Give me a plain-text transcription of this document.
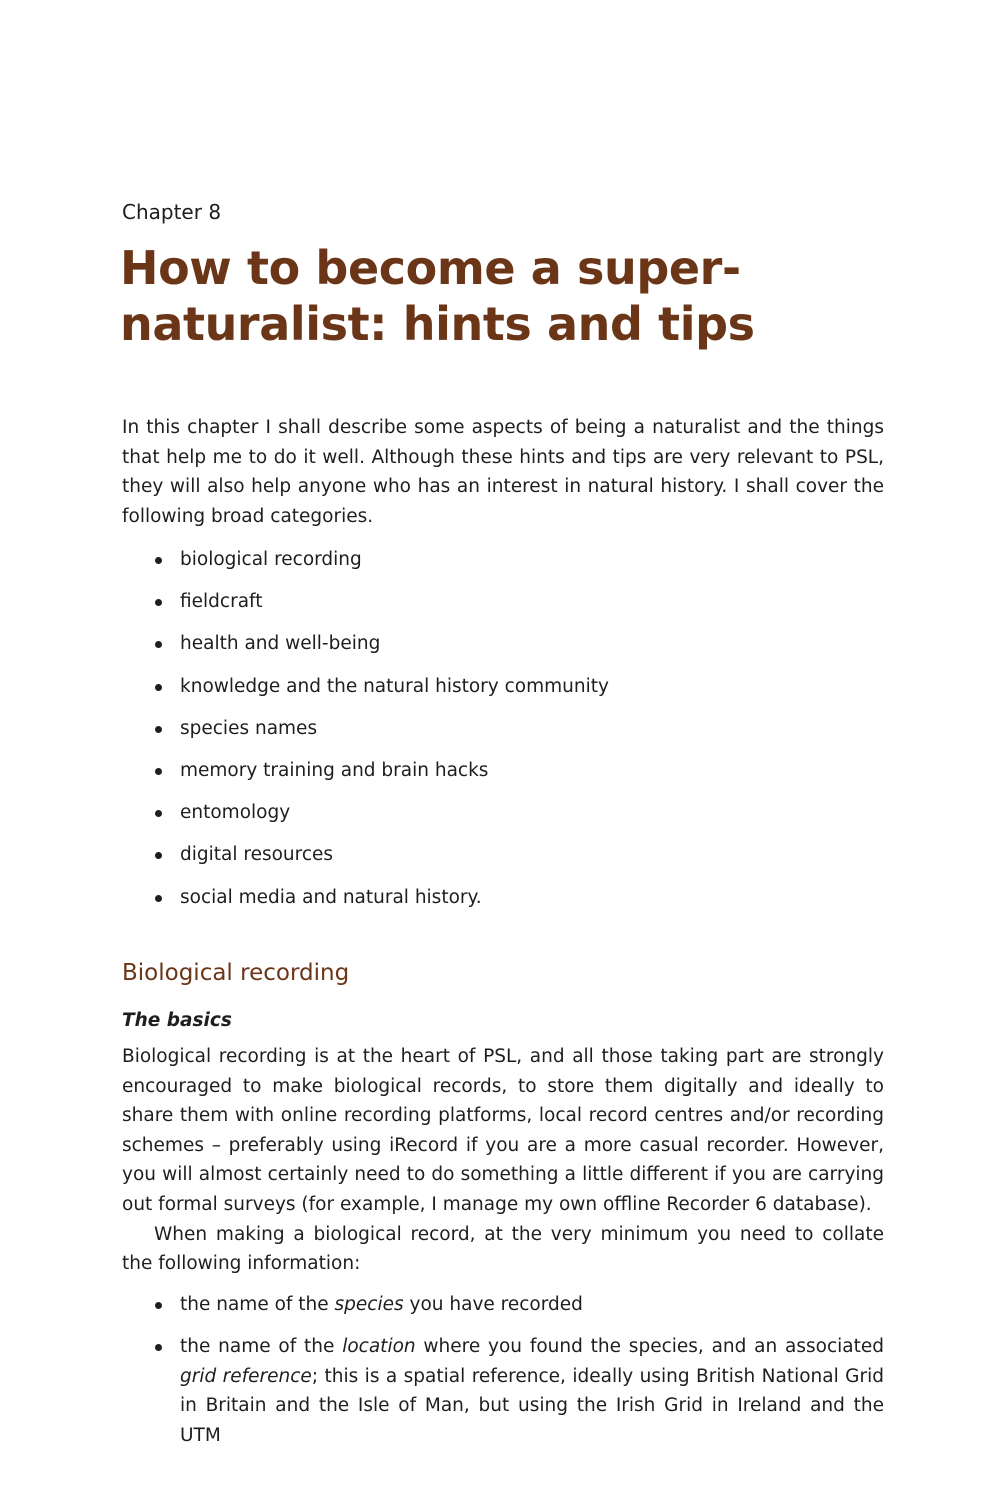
Chapter 8
How to become a super-naturalist: hints and tips

In this chapter I shall describe some aspects of being a naturalist and the things that help me to do it well. Although these hints and tips are very relevant to PSL, they will also help anyone who has an interest in natural history. I shall cover the following broad categories.

biological recording
fieldcraft
health and well-being
knowledge and the natural history community
species names
memory training and brain hacks
entomology
digital resources
social media and natural history.
Biological recording
The basics

Biological recording is at the heart of PSL, and all those taking part are strongly encouraged to make biological records, to store them digitally and ideally to share them with online recording platforms, local record centres and/or recording schemes – preferably using iRecord if you are a more casual recorder. However, you will almost certainly need to do something a little different if you are carrying out formal surveys (for example, I manage my own offline Recorder 6 database).

When making a biological record, at the very minimum you need to collate the following information:

the name of the species you have recorded
the name of the location where you found the species, and an associated grid reference; this is a spatial reference, ideally using British National Grid in Britain and the Isle of Man, but using the Irish Grid in Ireland and the UTM
